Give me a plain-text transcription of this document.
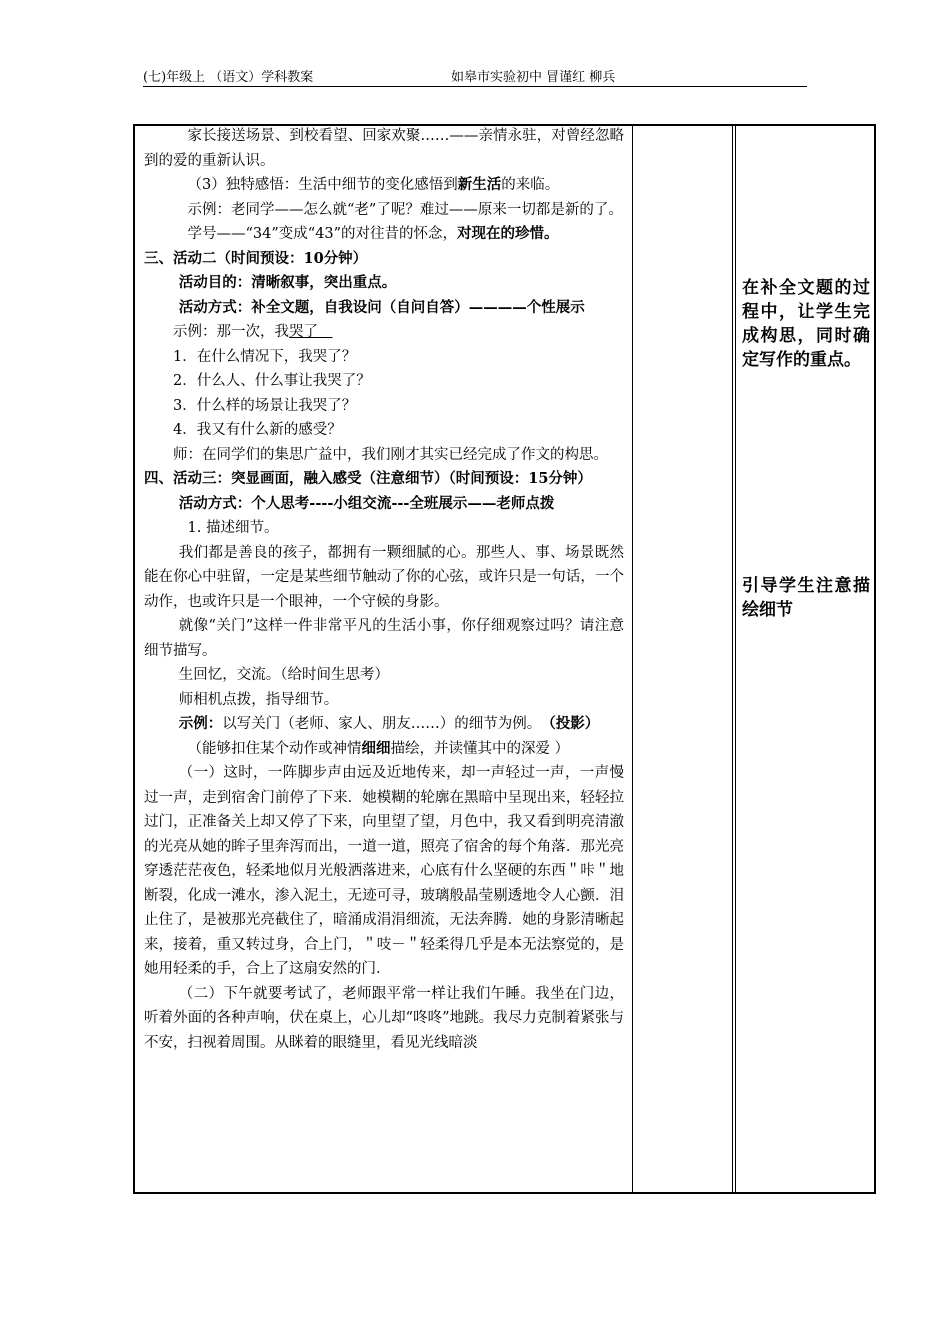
(七)年级上 （语文）学科教案	如皋市实验初中 冒谨红 柳兵

家长接送场景、到校看望、回家欢聚……——亲情永驻，对曾经忽略到的爱的重新认识。

（3）独特感悟：生活中细节的变化感悟到新生活的来临。

示例：老同学——怎么就“老”了呢？难过——原来一切都是新的了。

学号——“34”变成“43”的对往昔的怀念，对现在的珍惜。

三、活动二（时间预设：10分钟）

活动目的：清晰叙事，突出重点。

活动方式：补全文题，自我设问（自问自答）————个性展示

示例：那一次，我哭了　

1．在什么情况下，我哭了？

2．什么人、什么事让我哭了？

3．什么样的场景让我哭了？

4．我又有什么新的感受？

师：在同学们的集思广益中，我们刚才其实已经完成了作文的构思。

四、活动三：突显画面，融入感受（注意细节）（时间预设：15分钟）

活动方式：个人思考----小组交流---全班展示——老师点拨

1. 描述细节。

我们都是善良的孩子，都拥有一颗细腻的心。那些人、事、场景既然能在你心中驻留，一定是某些细节触动了你的心弦，或许只是一句话，一个动作，也或许只是一个眼神，一个守候的身影。

就像“关门”这样一件非常平凡的生活小事，你仔细观察过吗？请注意细节描写。

生回忆，交流。（给时间生思考）

师相机点拨，指导细节。

示例：以写关门（老师、家人、朋友……）的细节为例。　（投影）

（能够扣住某个动作或神情细细描绘，并读懂其中的深爱 ）

（一）这时，一阵脚步声由远及近地传来，却一声轻过一声，一声慢过一声，走到宿舍门前停了下来．她模糊的轮廓在黑暗中呈现出来，轻轻拉过门，正准备关上却又停了下来，向里望了望，月色中，我又看到明亮清澈的光亮从她的眸子里奔泻而出，一道一道，照亮了宿舍的每个角落．那光亮穿透茫茫夜色，轻柔地似月光般洒落进来，心底有什么坚硬的东西＂咔＂地断裂，化成一滩水，渗入泥土，无迹可寻，玻璃般晶莹剔透地令人心颤．泪止住了，是被那光亮截住了，暗涌成涓涓细流，无法奔腾．她的身影清晰起来，接着，重又转过身，合上门，＂吱－＂轻柔得几乎是本无法察觉的，是她用轻柔的手，合上了这扇安然的门．

（二）下午就要考试了，老师跟平常一样让我们午睡。我坐在门边，听着外面的各种声响，伏在桌上，心儿却“咚咚”地跳。我尽力克制着紧张与不安，扫视着周围。从眯着的眼缝里，看见光线暗淡

在补全文题的过程中，让学生完成构思，同时确定写作的重点。
引导学生注意描绘细节
